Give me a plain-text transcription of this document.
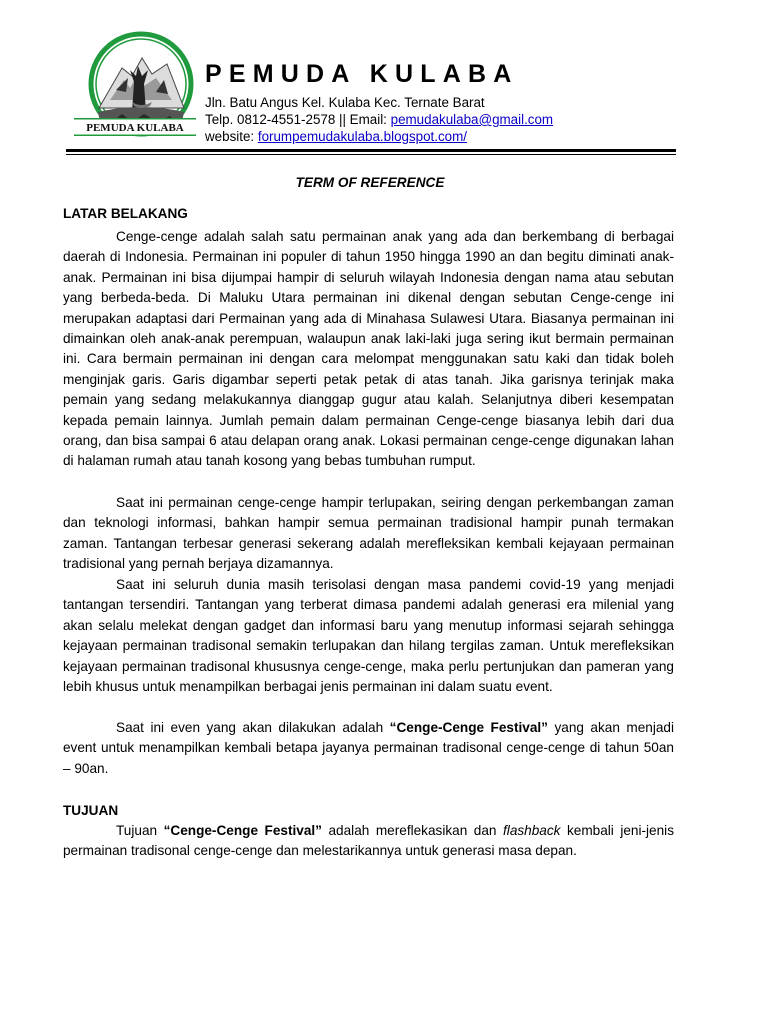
PEMUDA KULABA
PEMUDA KULABA
Jln. Batu Angus Kel. Kulaba Kec. Ternate Barat
Telp. 0812-4551-2578 || Email: pemudakulaba@gmail.com
website: forumpemudakulaba.blogspot.com/
TERM OF REFERENCE
LATAR BELAKANG

Cenge-cenge adalah salah satu permainan anak yang ada dan berkembang di berbagai daerah di Indonesia. Permainan ini populer di tahun 1950 hingga 1990 an dan begitu diminati anak-anak. Permainan ini bisa dijumpai hampir di seluruh wilayah Indonesia dengan nama atau sebutan yang berbeda-beda. Di Maluku Utara permainan ini dikenal dengan sebutan Cenge-cenge ini merupakan adaptasi dari Permainan yang ada di Minahasa Sulawesi Utara. Biasanya permainan ini dimainkan oleh anak-anak perempuan, walaupun anak laki-laki juga sering ikut bermain permainan ini. Cara bermain permainan ini dengan cara melompat menggunakan satu kaki dan tidak boleh menginjak garis. Garis digambar seperti petak petak di atas tanah. Jika garisnya terinjak maka pemain yang sedang melakukannya dianggap gugur atau kalah. Selanjutnya diberi kesempatan kepada pemain lainnya. Jumlah pemain dalam permainan Cenge-cenge biasanya lebih dari dua orang, dan bisa sampai 6 atau delapan orang anak. Lokasi permainan cenge-cenge digunakan lahan di halaman rumah atau tanah kosong yang bebas tumbuhan rumput.

Saat ini permainan cenge-cenge hampir terlupakan, seiring dengan perkembangan zaman dan teknologi informasi, bahkan hampir semua permainan tradisional hampir punah termakan zaman. Tantangan terbesar generasi sekerang adalah merefleksikan kembali kejayaan permainan tradisional yang pernah berjaya dizamannya.

Saat ini seluruh dunia masih terisolasi dengan masa pandemi covid-19 yang menjadi tantangan tersendiri. Tantangan yang terberat dimasa pandemi adalah generasi era milenial yang akan selalu melekat dengan gadget dan informasi baru yang menutup informasi sejarah sehingga kejayaan permainan tradisonal semakin terlupakan dan hilang tergilas zaman. Untuk merefleksikan kejayaan permainan tradisonal khususnya cenge-cenge, maka perlu pertunjukan dan pameran yang lebih khusus untuk menampilkan berbagai jenis permainan ini dalam suatu event.

Saat ini even yang akan dilakukan adalah “Cenge-Cenge Festival” yang akan menjadi event untuk menampilkan kembali betapa jayanya permainan tradisonal cenge-cenge di tahun 50an – 90an.

TUJUAN

Tujuan “Cenge-Cenge Festival” adalah mereflekasikan dan flashback kembali jeni-jenis permainan tradisonal cenge-cenge dan melestarikannya untuk generasi masa depan.
